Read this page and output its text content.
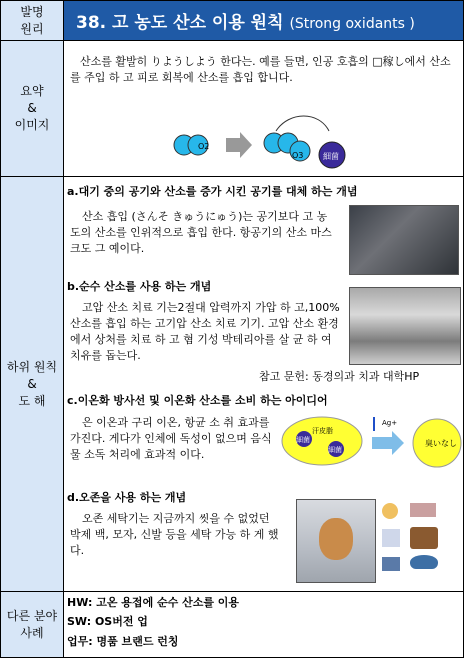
발명
원리	38. 고 농도 산소 이용 원칙 (Strong oxidants )
요약
&
이미지
산소를 활발히 りようしよう 한다는. 예를 들면, 인공 호흡의 □稼し에서 산소를 주입 하 고 피로 회복에 산소를 흡입 합니다.
O2
O3 細菌
하위 원칙
&
도 해
a.대기 중의 공기와 산소를 증가 시킨 공기를 대체 하는 개념
산소 흡입 (さんそ きゅうにゅう)는 공기보다 고 농도의 산소를 인위적으로 흡입 한다. 항공기의 산소 마스크도 그 예이다.
b.순수 산소를 사용 하는 개념
고압 산소 치료 기는2절대 압력까지 가압 하 고,100% 산소를 흡입 하는 고기압 산소 치료 기기. 고압 산소 환경에서 상처를 치료 하 고 혐 기성 박테리아를 살 균 하 여 치유를 돕는다.
참고 문헌: 동경의과 치과 대학HP
c.이온화 방사선 및 이온화 산소를 소비 하는 아이디어
은 이온과 구리 이온, 항균 소 취 효과를 가진다. 게다가 인체에 독성이 없으며 음식물 소독 처리에 효과적 이다.
細菌
汗皮脂
細菌
Ag+
臭いなし
d.오존을 사용 하는 개념
오존 세탁기는 지금까지 씻을 수 없었던 박제 백, 모자, 신발 등을 세탁 가능 하 게 했다.
다른 분야
사례
HW: 고온 용접에 순수 산소를 이용
SW: OS버전 업
업무: 명품 브랜드 런칭
